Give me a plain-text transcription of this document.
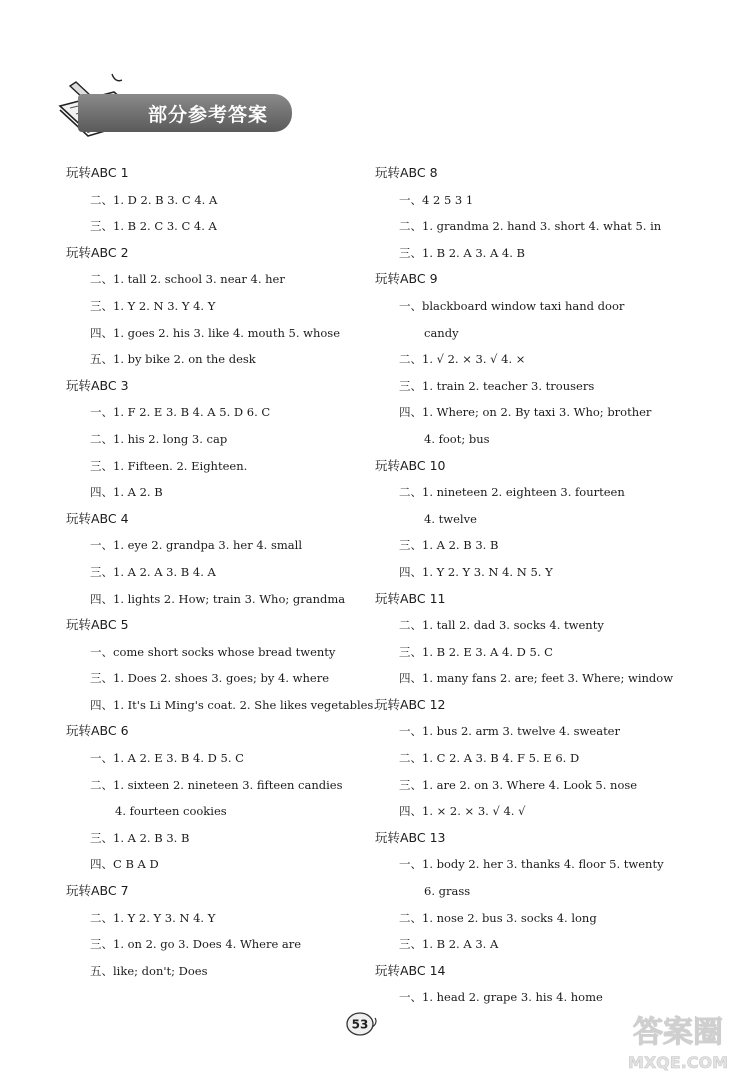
部分参考答案
玩转ABC 1
二、1. D 2. B 3. C 4. A
三、1. B 2. C 3. C 4. A
玩转ABC 2
二、1. tall 2. school 3. near 4. her
三、1. Y 2. N 3. Y 4. Y
四、1. goes 2. his 3. like 4. mouth 5. whose
五、1. by bike 2. on the desk
玩转ABC 3
一、1. F 2. E 3. B 4. A 5. D 6. C
二、1. his 2. long 3. cap
三、1. Fifteen. 2. Eighteen.
四、1. A 2. B
玩转ABC 4
一、1. eye 2. grandpa 3. her 4. small
三、1. A 2. A 3. B 4. A
四、1. lights 2. How; train 3. Who; grandma
玩转ABC 5
一、come short socks whose bread twenty
三、1. Does 2. shoes 3. goes; by 4. where
四、1. It's Li Ming's coat. 2. She likes vegetables.
玩转ABC 6
一、1. A 2. E 3. B 4. D 5. C
二、1. sixteen 2. nineteen 3. fifteen candies
4. fourteen cookies
三、1. A 2. B 3. B
四、C B A D
玩转ABC 7
二、1. Y 2. Y 3. N 4. Y
三、1. on 2. go 3. Does 4. Where are
五、like; don't; Does
玩转ABC 8
一、4 2 5 3 1
二、1. grandma 2. hand 3. short 4. what 5. in
三、1. B 2. A 3. A 4. B
玩转ABC 9
一、blackboard window taxi hand door
candy
二、1. √ 2. × 3. √ 4. ×
三、1. train 2. teacher 3. trousers
四、1. Where; on 2. By taxi 3. Who; brother
4. foot; bus
玩转ABC 10
二、1. nineteen 2. eighteen 3. fourteen
4. twelve
三、1. A 2. B 3. B
四、1. Y 2. Y 3. N 4. N 5. Y
玩转ABC 11
二、1. tall 2. dad 3. socks 4. twenty
三、1. B 2. E 3. A 4. D 5. C
四、1. many fans 2. are; feet 3. Where; window
玩转ABC 12
一、1. bus 2. arm 3. twelve 4. sweater
二、1. C 2. A 3. B 4. F 5. E 6. D
三、1. are 2. on 3. Where 4. Look 5. nose
四、1. × 2. × 3. √ 4. √
玩转ABC 13
一、1. body 2. her 3. thanks 4. floor 5. twenty
6. grass
二、1. nose 2. bus 3. socks 4. long
三、1. B 2. A 3. A
玩转ABC 14
一、1. head 2. grape 3. his 4. home
53	答案圈
MXQE.COM
